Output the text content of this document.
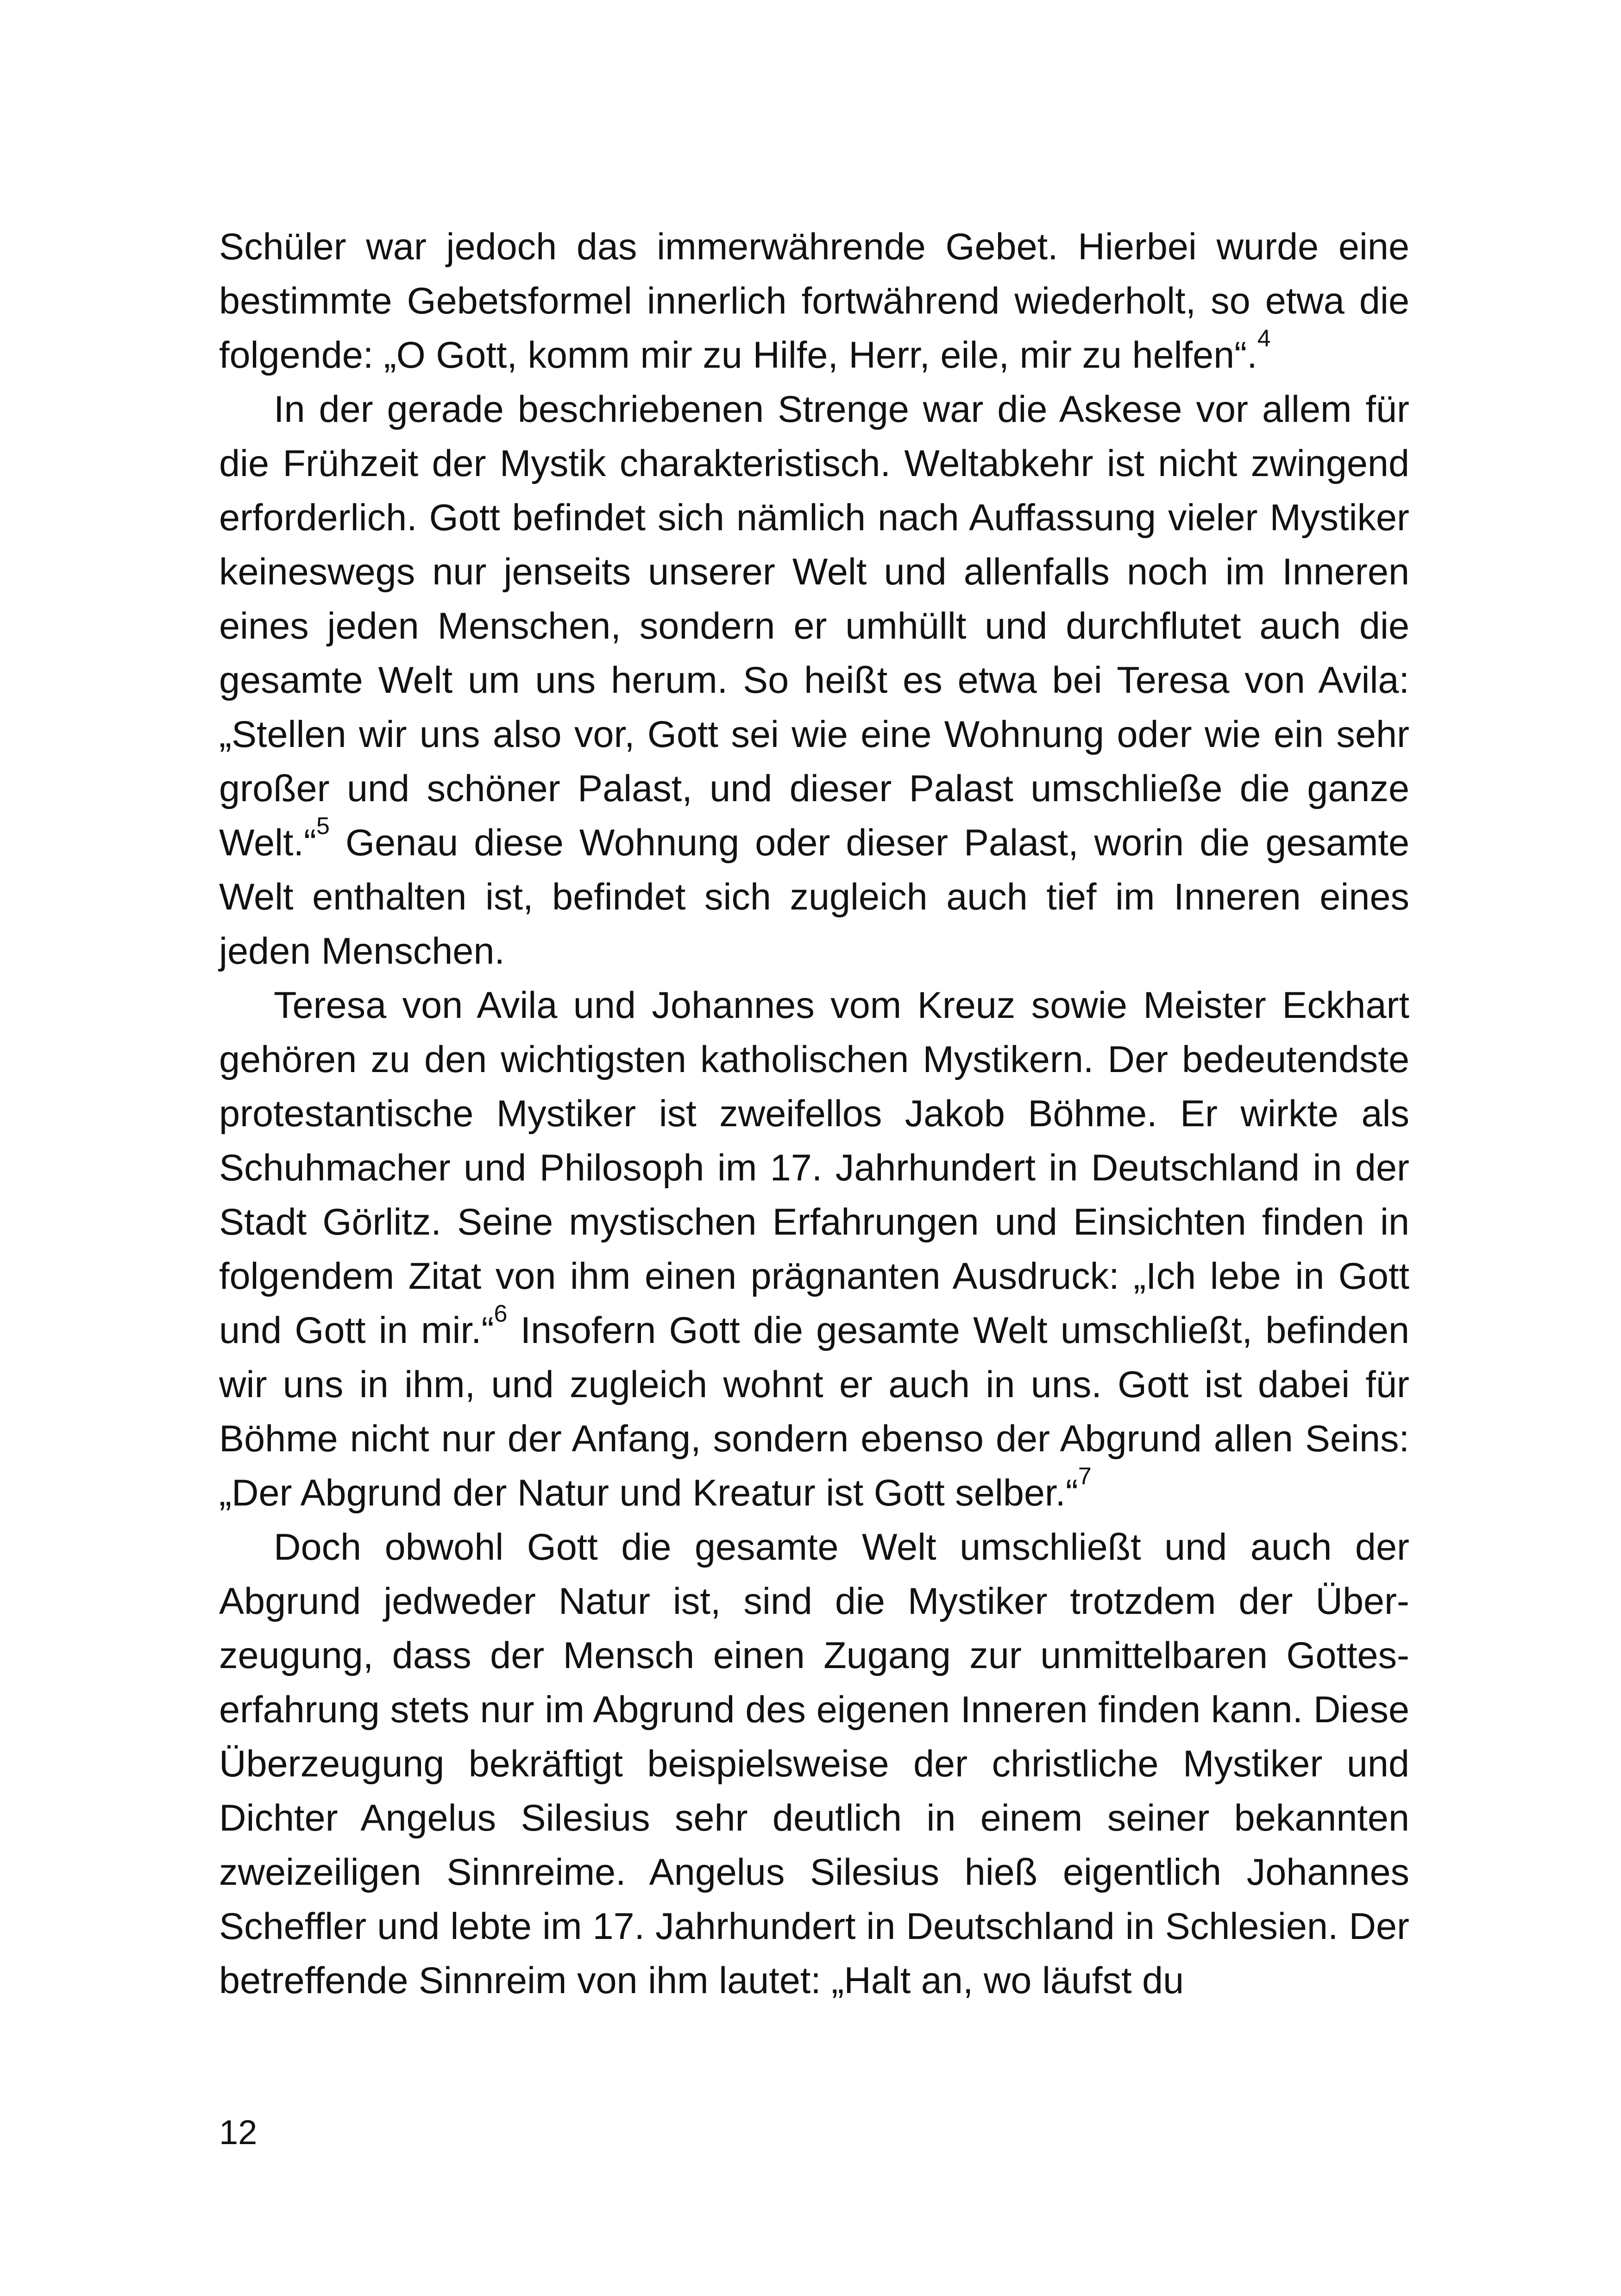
Schüler war jedoch das immerwährende Gebet. Hierbei wurde eine bestimmte Gebetsformel innerlich fortwährend wiederholt, so etwa die folgende: „O Gott, komm mir zu Hilfe, Herr, eile, mir zu helfen“.$^4$

In der gerade beschriebenen Strenge war die Askese vor allem für die Frühzeit der Mystik charakteristisch. Weltabkehr ist nicht zwingend erforderlich. Gott befindet sich nämlich nach Auffassung vieler Mystiker keineswegs nur jenseits unserer Welt und allenfalls noch im Inneren eines jeden Menschen, sondern er umhüllt und durchflutet auch die gesamte Welt um uns herum. So heißt es etwa bei Teresa von Avila: „Stellen wir uns also vor, Gott sei wie eine Wohnung oder wie ein sehr großer und schöner Palast, und dieser Palast umschließe die ganze Welt.“$^5$ Genau diese Wohnung oder dieser Palast, worin die gesamte Welt enthalten ist, befindet sich zugleich auch tief im Inneren eines jeden Menschen.

Teresa von Avila und Johannes vom Kreuz sowie Meister Eckhart gehören zu den wichtigsten katholischen Mystikern. Der bedeutendste protestantische Mystiker ist zweifellos Jakob Böhme. Er wirkte als Schuhmacher und Philosoph im 17. Jahrhundert in Deutschland in der Stadt Görlitz. Seine mystischen Erfahrungen und Einsichten finden in folgendem Zitat von ihm einen prägnanten Ausdruck: „Ich lebe in Gott und Gott in mir.“$^6$ Insofern Gott die gesamte Welt umschließt, befinden wir uns in ihm, und zugleich wohnt er auch in uns. Gott ist dabei für Böhme nicht nur der Anfang, sondern ebenso der Abgrund allen Seins: „Der Abgrund der Natur und Kreatur ist Gott selber.“$^7$

Doch obwohl Gott die gesamte Welt umschließt und auch der Abgrund jedweder Natur ist, sind die Mystiker trotzdem der Überzeugung, dass der Mensch einen Zugang zur unmittelbaren Gotteserfahrung stets nur im Abgrund des eigenen Inneren finden kann. Diese Überzeugung bekräftigt beispielsweise der christliche Mystiker und Dichter Angelus Silesius sehr deutlich in einem seiner bekannten zweizeiligen Sinnreime. Angelus Silesius hieß eigentlich Johannes Scheffler und lebte im 17. Jahrhundert in Deutschland in Schlesien. Der betreffende Sinnreim von ihm lautet: „Halt an, wo läufst du

12
